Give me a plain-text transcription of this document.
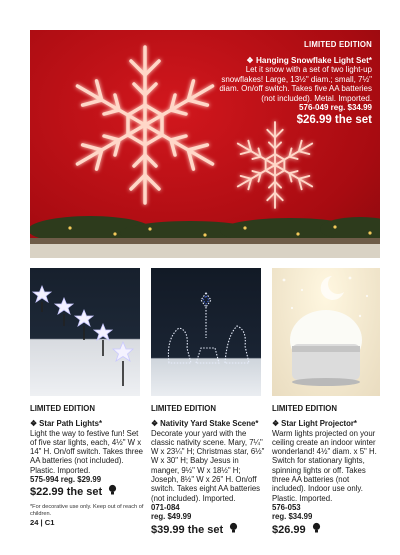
LIMITED EDITION
❖ Hanging Snowflake Light Set*
Let it snow with a set of two light-up snowflakes! Large, 13½" diam.; small, 7½" diam. On/off switch. Takes five AA batteries (not included). Metal. Imported.
576-049 reg. $34.99
$26.99 the set
LIMITED EDITION
❖ Star Path Lights*
Light the way to festive fun! Set of five star lights, each, 4½" W x 14" H. On/off switch. Takes three AA batteries (not included). Plastic. Imported.
575-994 reg. $29.99
$22.99 the set
*For decorative use only. Keep out of reach of children.
LIMITED EDITION
❖ Nativity Yard Stake Scene*
Decorate your yard with the classic nativity scene. Mary, 7¼" W x 23¼" H; Christmas star, 6½" W x 30" H; Baby Jesus in manger, 9½" W x 18½" H; Joseph, 8½" W x 26" H. On/off switch. Takes eight AA batteries (not included). Imported.
071-084
reg. $49.99
$39.99 the set
LIMITED EDITION
❖ Star Light Projector*
Warm lights projected on your ceiling create an indoor winter wonderland! 4½" diam. x 5" H. Switch for stationary lights, spinning lights or off. Takes three AA batteries (not included). Indoor use only. Plastic. Imported.
576-053
reg. $34.99
$26.99
24 | C1
